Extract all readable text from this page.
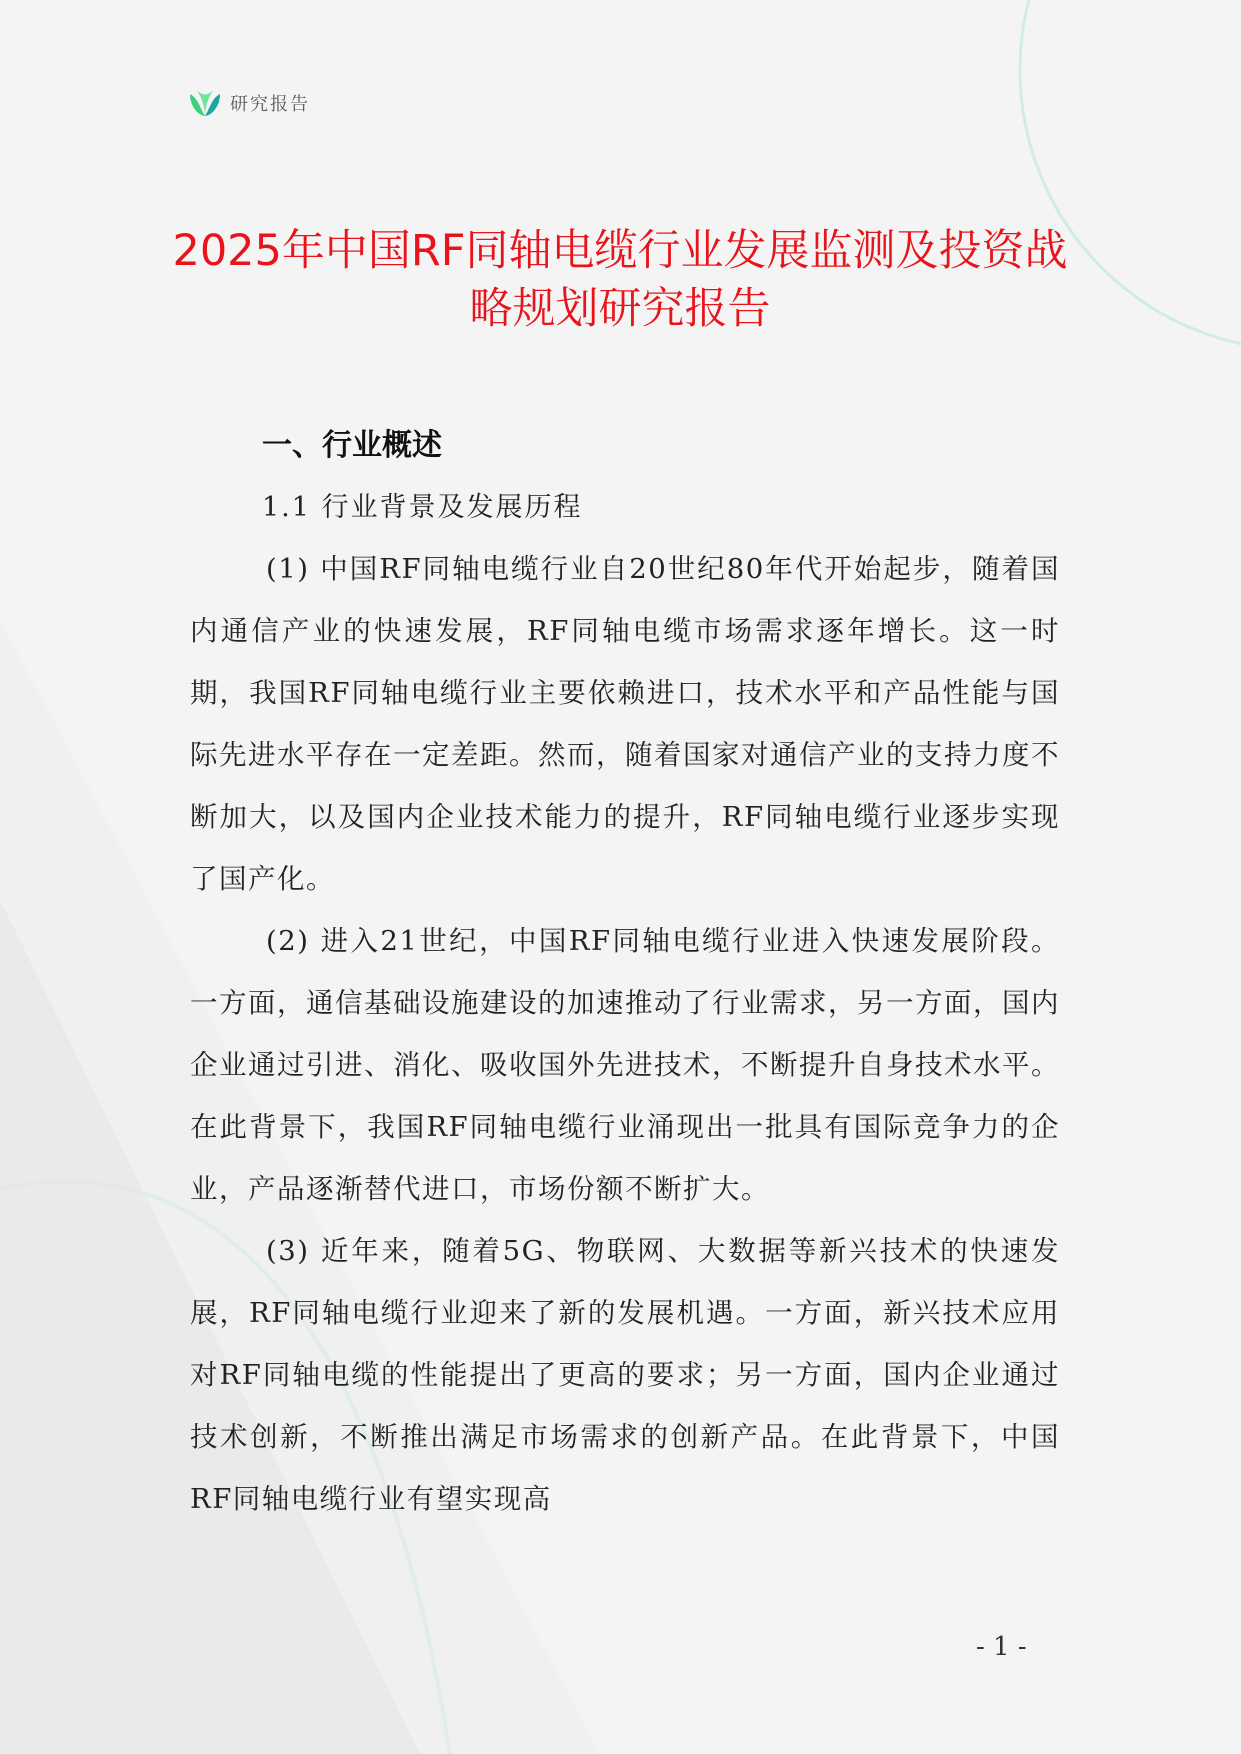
研究报告
2025年中国RF同轴电缆行业发展监测及投资战略规划研究报告
一、行业概述
1.1 行业背景及发展历程

(1) 中国RF同轴电缆行业自20世纪80年代开始起步，随着国内通信产业的快速发展，RF同轴电缆市场需求逐年增长。这一时期，我国RF同轴电缆行业主要依赖进口，技术水平和产品性能与国际先进水平存在一定差距。然而，随着国家对通信产业的支持力度不断加大，以及国内企业技术能力的提升，RF同轴电缆行业逐步实现了国产化。

(2) 进入21世纪，中国RF同轴电缆行业进入快速发展阶段。一方面，通信基础设施建设的加速推动了行业需求，另一方面，国内企业通过引进、消化、吸收国外先进技术，不断提升自身技术水平。在此背景下，我国RF同轴电缆行业涌现出一批具有国际竞争力的企业，产品逐渐替代进口，市场份额不断扩大。

(3) 近年来，随着5G、物联网、大数据等新兴技术的快速发展，RF同轴电缆行业迎来了新的发展机遇。一方面，新兴技术应用对RF同轴电缆的性能提出了更高的要求；另一方面，国内企业通过技术创新，不断推出满足市场需求的创新产品。在此背景下，中国RF同轴电缆行业有望实现高

- 1 -
